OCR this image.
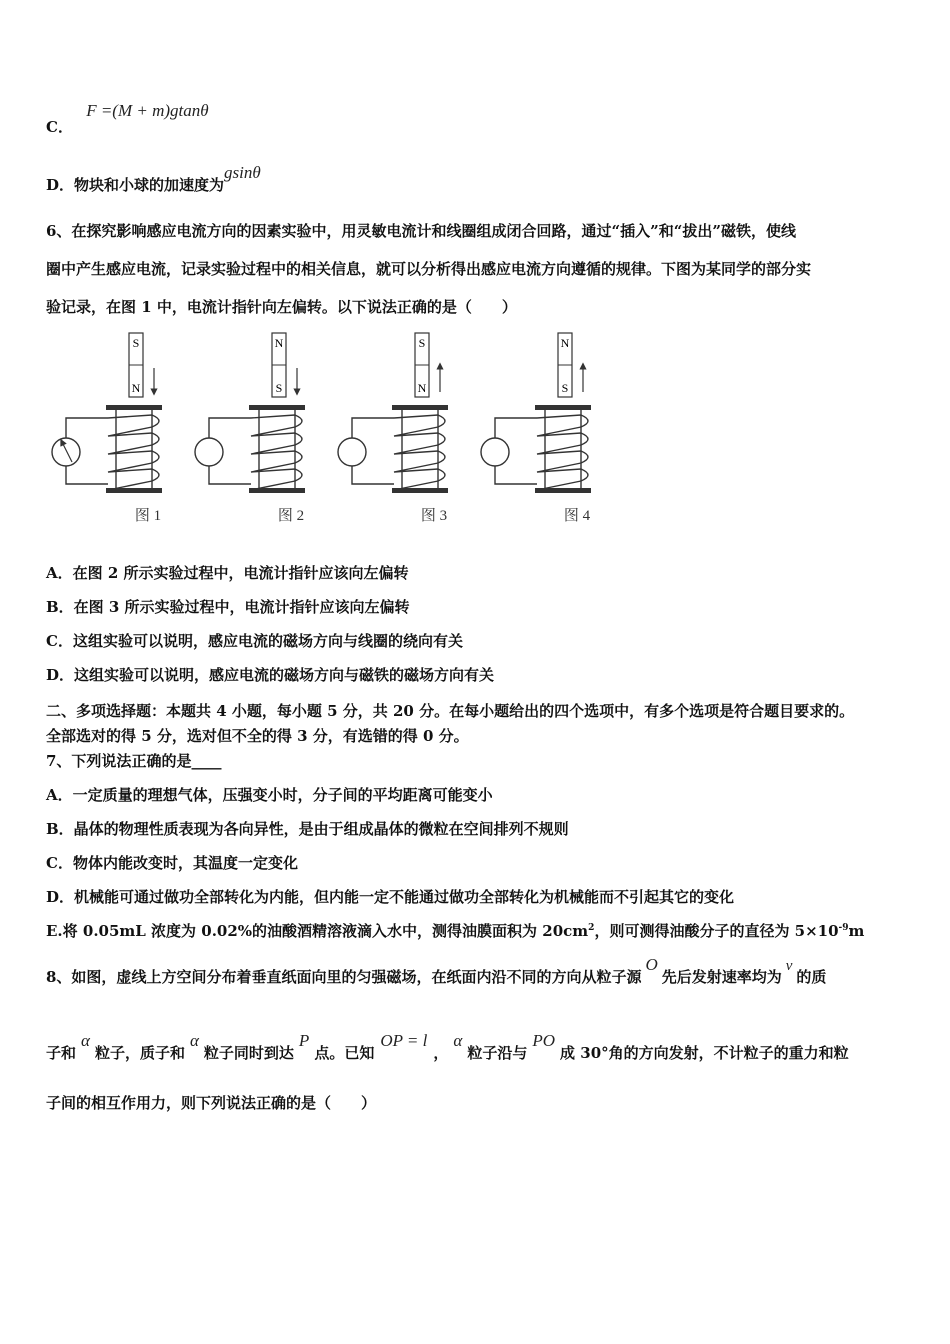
C． F =(M + m)gtanθ
D．物块和小球的加速度为gsinθ
6、在探究影响感应电流方向的因素实验中，用灵敏电流计和线圈组成闭合回路，通过“插入”和“拔出”磁铁，使线
圈中产生感应电流，记录实验过程中的相关信息，就可以分析得出感应电流方向遵循的规律。下图为某同学的部分实
验记录，在图 1 中，电流计指针向左偏转。以下说法正确的是（　　）
S
N
图 1
N
S
图 2
S
N
图 3
N
S
图 4
A．在图 2 所示实验过程中，电流计指针应该向左偏转
B．在图 3 所示实验过程中，电流计指针应该向左偏转
C．这组实验可以说明，感应电流的磁场方向与线圈的绕向有关
D．这组实验可以说明，感应电流的磁场方向与磁铁的磁场方向有关
二、多项选择题：本题共 4 小题，每小题 5 分，共 20 分。在每小题给出的四个选项中，有多个选项是符合题目要求的。
全部选对的得 5 分，选对但不全的得 3 分，有选错的得 0 分。
7、下列说法正确的是____
A．一定质量的理想气体，压强变小时，分子间的平均距离可能变小
B．晶体的物理性质表现为各向异性，是由于组成晶体的微粒在空间排列不规则
C．物体内能改变时，其温度一定变化
D．机械能可通过做功全部转化为内能，但内能一定不能通过做功全部转化为机械能而不引起其它的变化
E.将 0.05mL 浓度为 0.02%的油酸酒精溶液滴入水中，测得油膜面积为 $20cm^2$，则可测得油酸分子的直径为 $5\times 10^{-9}m$
8、如图，虚线上方空间分布着垂直纸面向里的匀强磁场，在纸面内沿不同的方向从粒子源O先后发射速率均为v的质
子和α粒子，质子和α粒子同时到达P点。已知OP = l，α粒子沿与PO成 30°角的方向发射，不计粒子的重力和粒
子间的相互作用力，则下列说法正确的是（　　）
